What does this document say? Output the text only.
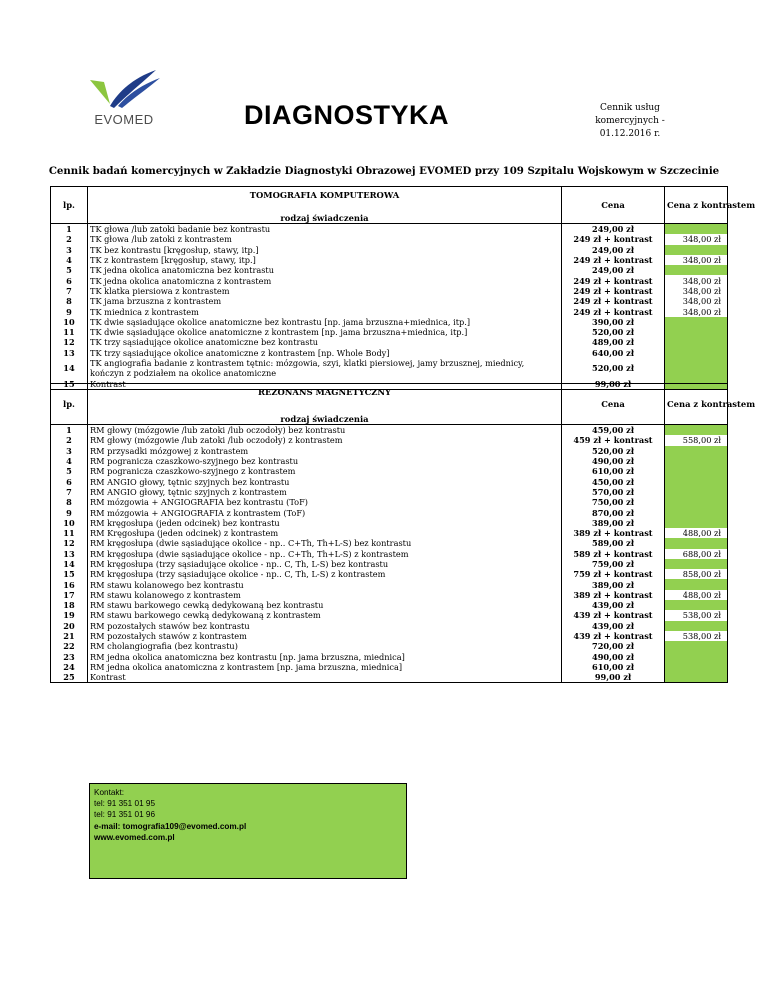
EVOMED	DIAGNOSTYKA	Cennik usług komercyjnych -
01.12.2016 r.
Cennik badań komercyjnych w Zakładzie Diagnostyki Obrazowej EVOMED przy 109 Szpitalu Wojskowym w Szczecinie
lp.	TOMOGRAFIA KOMPUTEROWA	Cena	Cena z kontrastem
	rodzaj świadczenia		
1	TK głowa /lub zatoki badanie bez kontrastu	249,00 zł	
2	TK głowa /lub zatoki z kontrastem	249 zł + kontrast	348,00 zł
3	TK bez kontrastu [kręgosłup, stawy, itp.]	249,00 zł	
4	TK z kontrastem [kręgosłup, stawy, itp.]	249 zł + kontrast	348,00 zł
5	TK jedna okolica anatomiczna bez kontrastu	249,00 zł	
6	TK jedna okolica anatomiczna z kontrastem	249 zł + kontrast	348,00 zł
7	TK klatka piersiowa z kontrastem	249 zł + kontrast	348,00 zł
8	TK jama brzuszna z kontrastem	249 zł + kontrast	348,00 zł
9	TK miednica z kontrastem	249 zł + kontrast	348,00 zł
10	TK dwie sąsiadujące okolice anatomiczne bez kontrastu [np. jama brzuszna+miednica, itp.]	390,00 zł	
11	TK dwie sąsiadujące okolice anatomiczne z kontrastem [np. jama brzuszna+miednica, itp.]	520,00 zł	
12	TK trzy sąsiadujące okolice anatomiczne bez kontrastu	489,00 zł	
13	TK trzy sąsiadujące okolice anatomiczne z kontrastem [np. Whole Body]	640,00 zł	
14	TK angiografia badanie z kontrastem tętnic: mózgowia, szyi, klatki piersiowej, jamy brzusznej, miednicy, kończyn z podziałem na okolice anatomiczne	520,00 zł	
15	Kontrast	99,00 zł	
lp.	REZONANS MAGNETYCZNY	Cena	Cena z kontrastem
	rodzaj świadczenia		
1	RM głowy (mózgowie /lub zatoki /lub oczodoły) bez kontrastu	459,00 zł	
2	RM głowy (mózgowie /lub zatoki /lub oczodoły) z kontrastem	459 zł + kontrast	558,00 zł
3	RM przysadki mózgowej z kontrastem	520,00 zł	
4	RM pogranicza czaszkowo-szyjnego bez kontrastu	490,00 zł	
5	RM pogranicza czaszkowo-szyjnego z kontrastem	610,00 zł	
6	RM ANGIO głowy, tętnic szyjnych bez kontrastu	450,00 zł	
7	RM ANGIO głowy, tętnic szyjnych z kontrastem	570,00 zł	
8	RM mózgowia + ANGIOGRAFIA bez kontrastu (ToF)	750,00 zł	
9	RM mózgowia + ANGIOGRAFIA z kontrastem (ToF)	870,00 zł	
10	RM kręgosłupa (jeden odcinek) bez kontrastu	389,00 zł	
11	RM Kręgosłupa (jeden odcinek) z kontrastem	389 zł + kontrast	488,00 zł
12	RM kręgosłupa (dwie sąsiadujące okolice - np.. C+Th, Th+L-S) bez kontrastu	589,00 zł	
13	RM kręgosłupa (dwie sąsiadujące okolice - np.. C+Th, Th+L-S) z kontrastem	589 zł + kontrast	688,00 zł
14	RM kręgosłupa (trzy sąsiadujące okolice - np.. C, Th, L-S) bez kontrastu	759,00 zł	
15	RM kręgosłupa (trzy sąsiadujące okolice - np.. C, Th, L-S) z kontrastem	759 zł + kontrast	858,00 zł
16	RM stawu kolanowego bez kontrastu	389,00 zł	
17	RM stawu kolanowego z kontrastem	389 zł + kontrast	488,00 zł
18	RM stawu barkowego cewką dedykowaną bez kontrastu	439,00 zł	
19	RM stawu barkowego cewką dedykowaną z kontrastem	439 zł + kontrast	538,00 zł
20	RM pozostałych stawów bez kontrastu	439,00 zł	
21	RM pozostałych stawów z kontrastem	439 zł + kontrast	538,00 zł
22	RM cholangiografia (bez kontrastu)	720,00 zł	
23	RM jedna okolica anatomiczna bez kontrastu [np. jama brzuszna, miednica]	490,00 zł	
24	RM jedna okolica anatomiczna z kontrastem [np. jama brzuszna, miednica]	610,00 zł	
25	Kontrast	99,00 zł	
Kontakt:
tel: 91 351 01 95
tel: 91 351 01 96
e-mail: tomografia109@evomed.com.pl
www.evomed.com.pl
